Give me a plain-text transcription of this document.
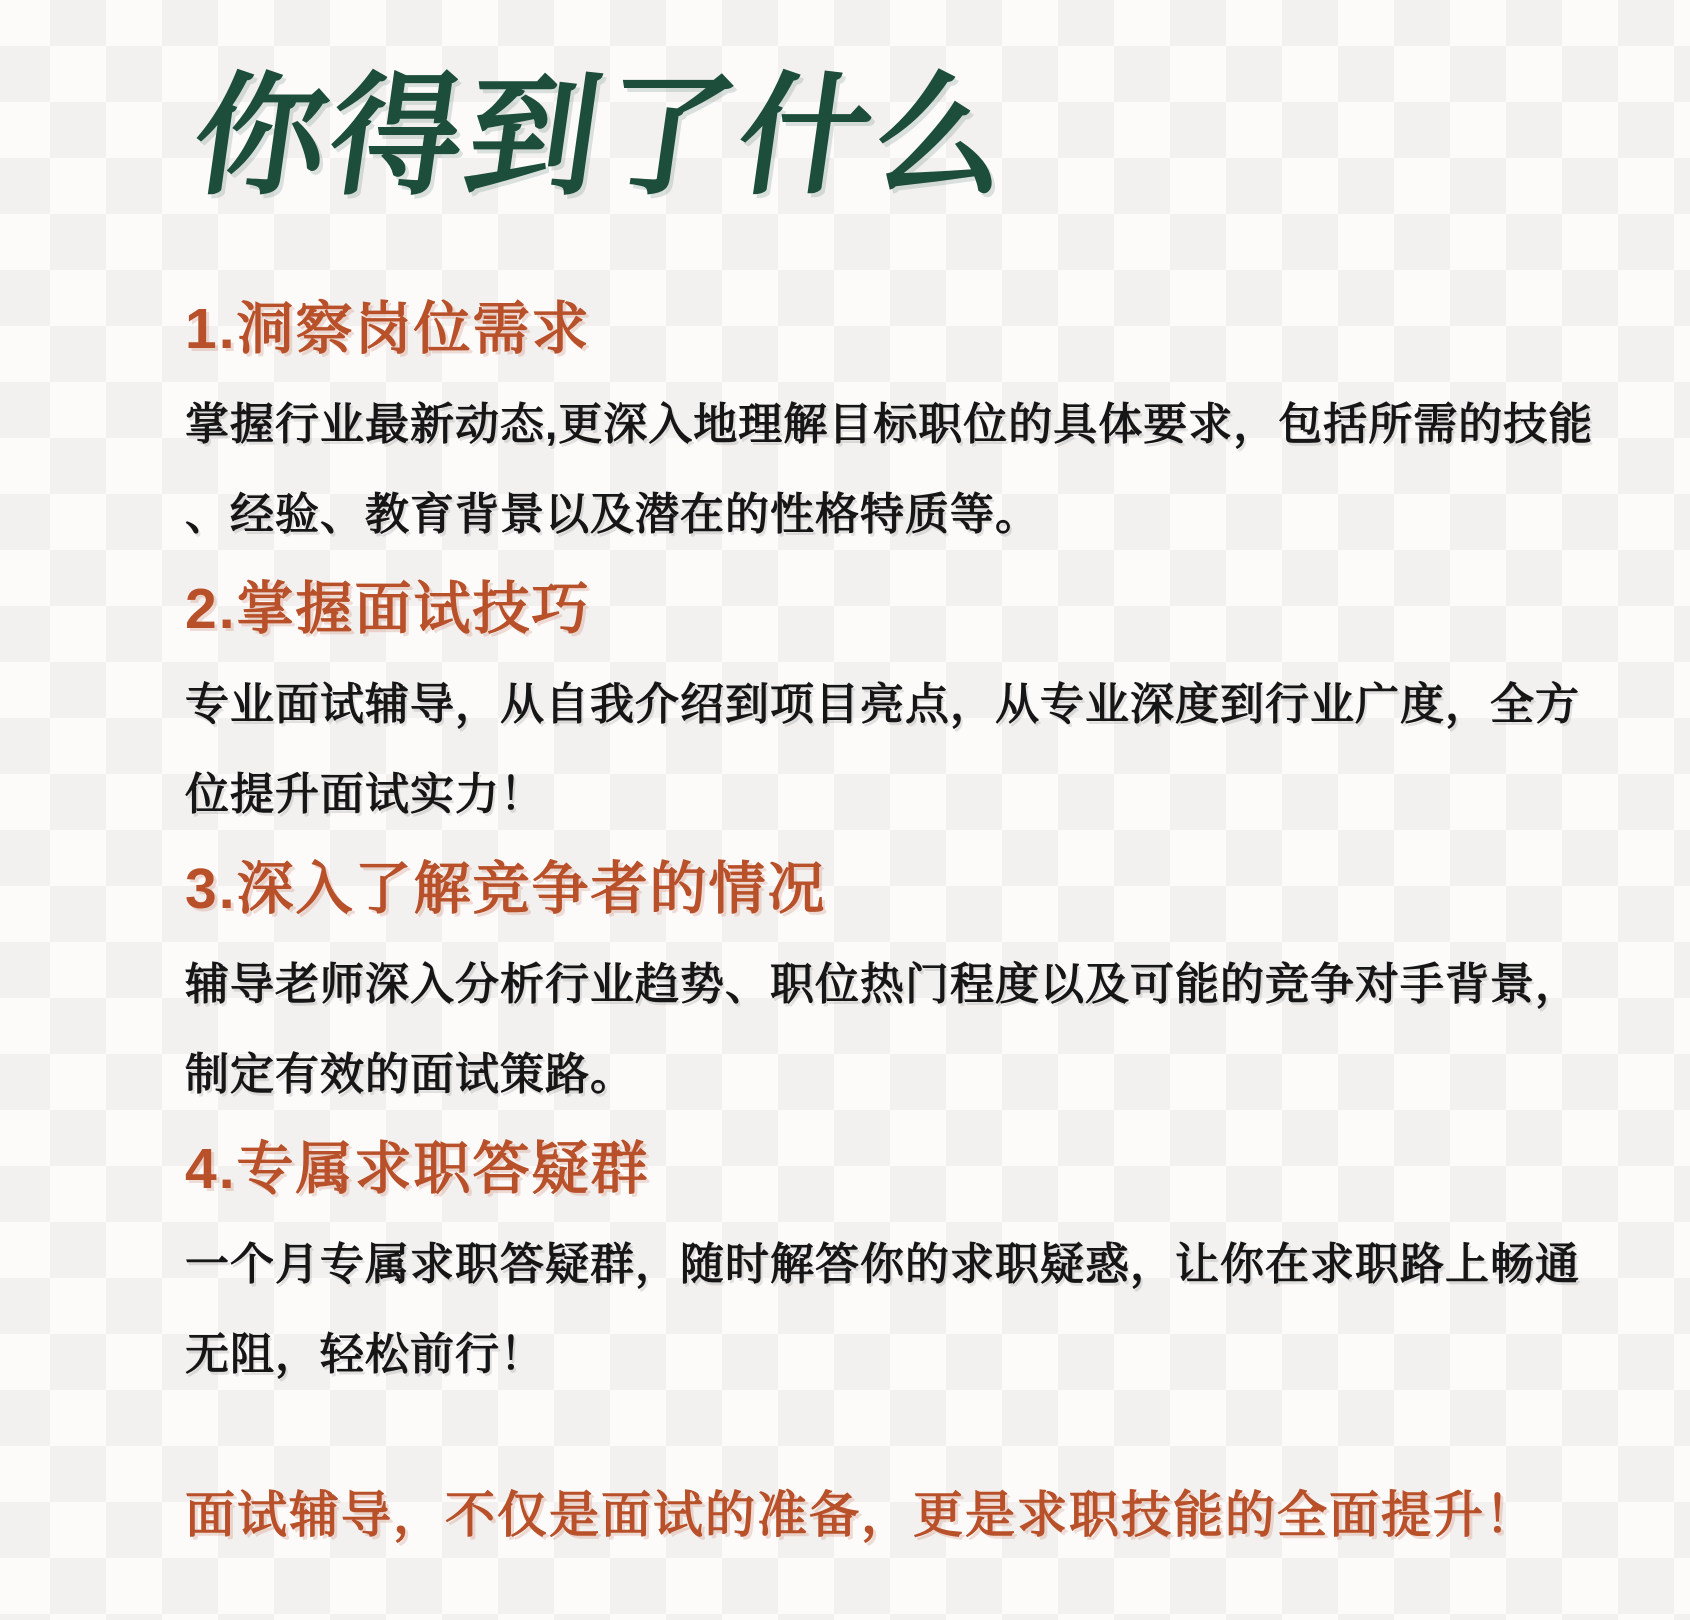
你得到了什么
1.洞察岗位需求

掌握行业最新动态,更深入地理解目标职位的具体要求，包括所需的技能

、经验、教育背景以及潜在的性格特质等。

2.掌握面试技巧

专业面试辅导，从自我介绍到项目亮点，从专业深度到行业广度，全方

位提升面试实力！

3.深入了解竞争者的情况

辅导老师深入分析行业趋势、职位热门程度以及可能的竞争对手背景，

制定有效的面试策路。

4.专属求职答疑群

一个月专属求职答疑群，随时解答你的求职疑惑，让你在求职路上畅通

无阻，轻松前行！

面试辅导，不仅是面试的准备，更是求职技能的全面提升！
